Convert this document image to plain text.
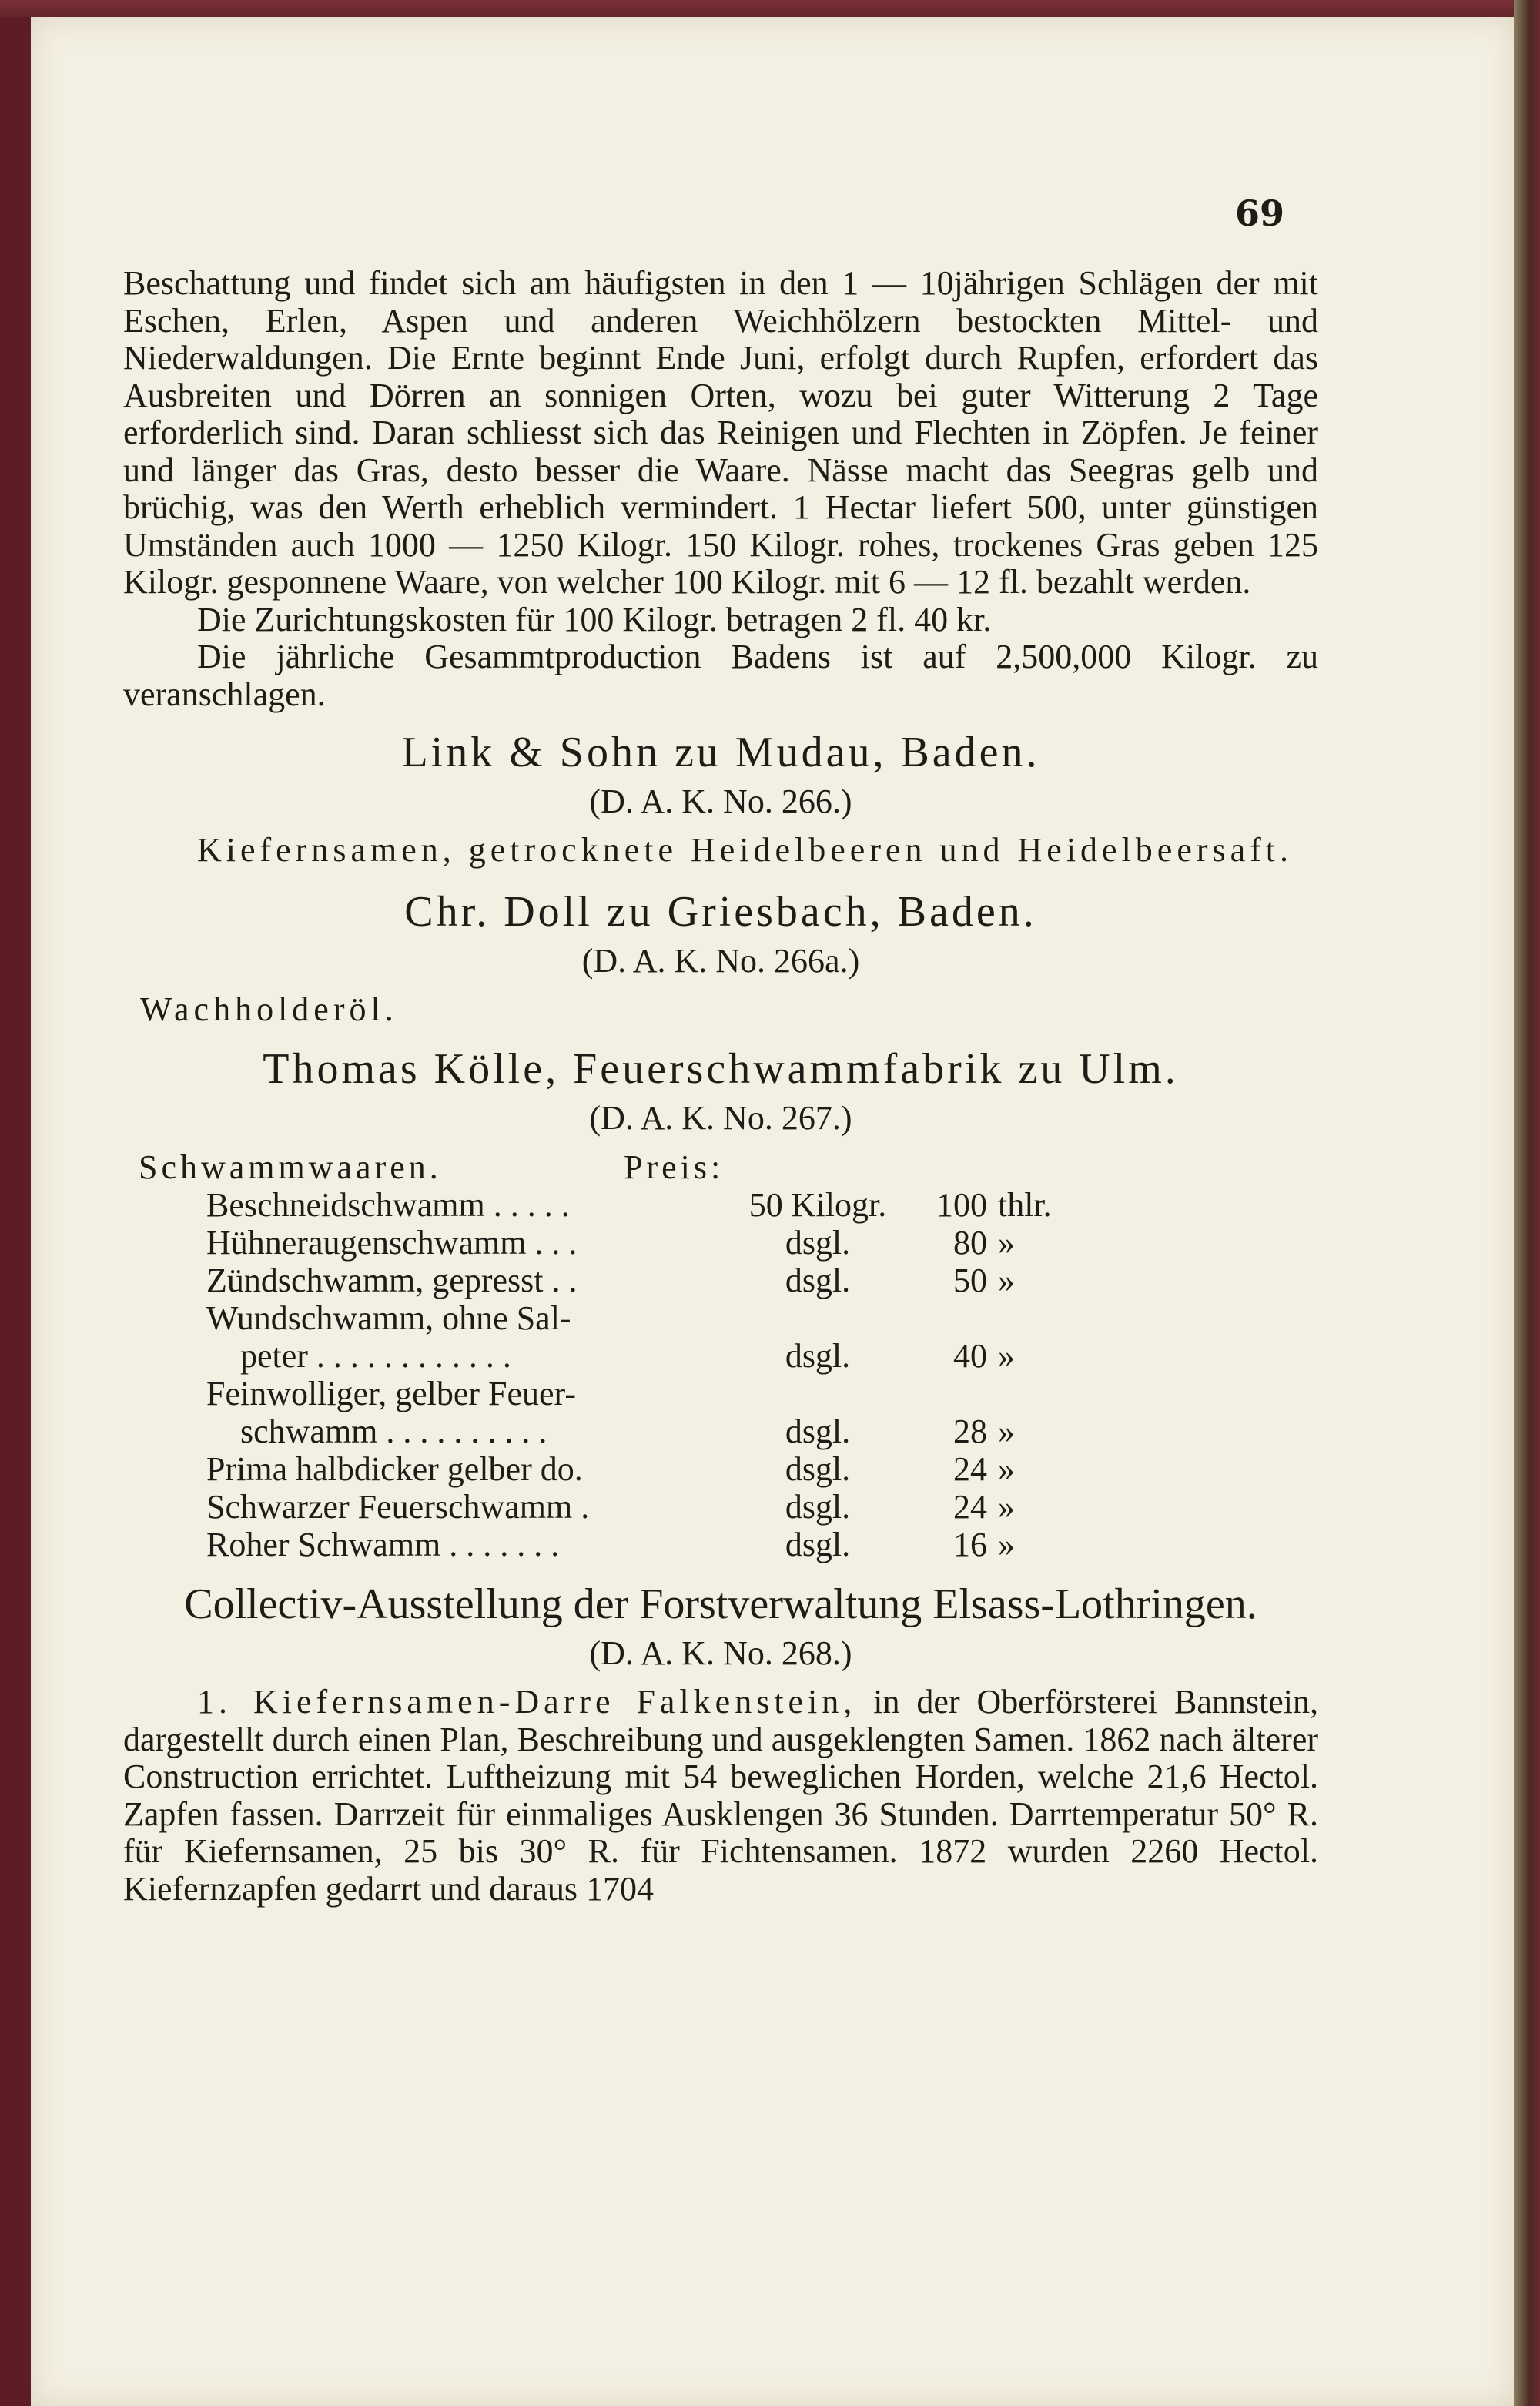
69

Beschattung und findet sich am häufigsten in den 1 — 10jährigen Schlägen der mit Eschen, Erlen, Aspen und anderen Weichhölzern bestockten Mittel- und Niederwaldungen. Die Ernte beginnt Ende Juni, erfolgt durch Rupfen, erfordert das Ausbreiten und Dörren an sonnigen Orten, wozu bei guter Witterung 2 Tage erforderlich sind. Daran schliesst sich das Reinigen und Flechten in Zöpfen. Je feiner und länger das Gras, desto besser die Waare. Nässe macht das Seegras gelb und brüchig, was den Werth erheblich vermindert. 1 Hectar liefert 500, unter günstigen Umständen auch 1000 — 1250 Kilogr. 150 Kilogr. rohes, trockenes Gras geben 125 Kilogr. gesponnene Waare, von welcher 100 Kilogr. mit 6 — 12 fl. bezahlt werden.

Die Zurichtungskosten für 100 Kilogr. betragen 2 fl. 40 kr.

Die jährliche Gesammtproduction Badens ist auf 2,500,000 Kilogr. zu veranschlagen.

Link & Sohn zu Mudau, Baden.
(D. A. K. No. 266.)

Kiefernsamen, getrocknete Heidelbeeren und Heidelbeersaft.

Chr. Doll zu Griesbach, Baden.
(D. A. K. No. 266a.)

Wachholderöl.

Thomas Kölle, Feuerschwammfabrik zu Ulm.
(D. A. K. No. 267.)
Schwammwaaren.	Preis:
Beschneidschwamm . . . . .	50 Kilogr.	100	thlr.
Hühneraugenschwamm . . .	dsgl.	80	»
Zündschwamm, gepresst . .	dsgl.	50	»
Wundschwamm, ohne Sal-			
peter . . . . . . . . . . . .	dsgl.	40	»
Feinwolliger, gelber Feuer-			
schwamm . . . . . . . . . .	dsgl.	28	»
Prima halbdicker gelber do.	dsgl.	24	»
Schwarzer Feuerschwamm .	dsgl.	24	»
Roher Schwamm . . . . . . .	dsgl.	16	»
Collectiv-Ausstellung der Forstverwaltung Elsass-Lothringen.
(D. A. K. No. 268.)

1. Kiefernsamen-Darre Falkenstein, in der Oberförsterei Bannstein, dargestellt durch einen Plan, Beschreibung und ausgeklengten Samen. 1862 nach älterer Construction errichtet. Luftheizung mit 54 beweglichen Horden, welche 21,6 Hectol. Zapfen fassen. Darrzeit für einmaliges Ausklengen 36 Stunden. Darrtemperatur 50° R. für Kiefernsamen, 25 bis 30° R. für Fichtensamen. 1872 wurden 2260 Hectol. Kiefernzapfen gedarrt und daraus 1704
